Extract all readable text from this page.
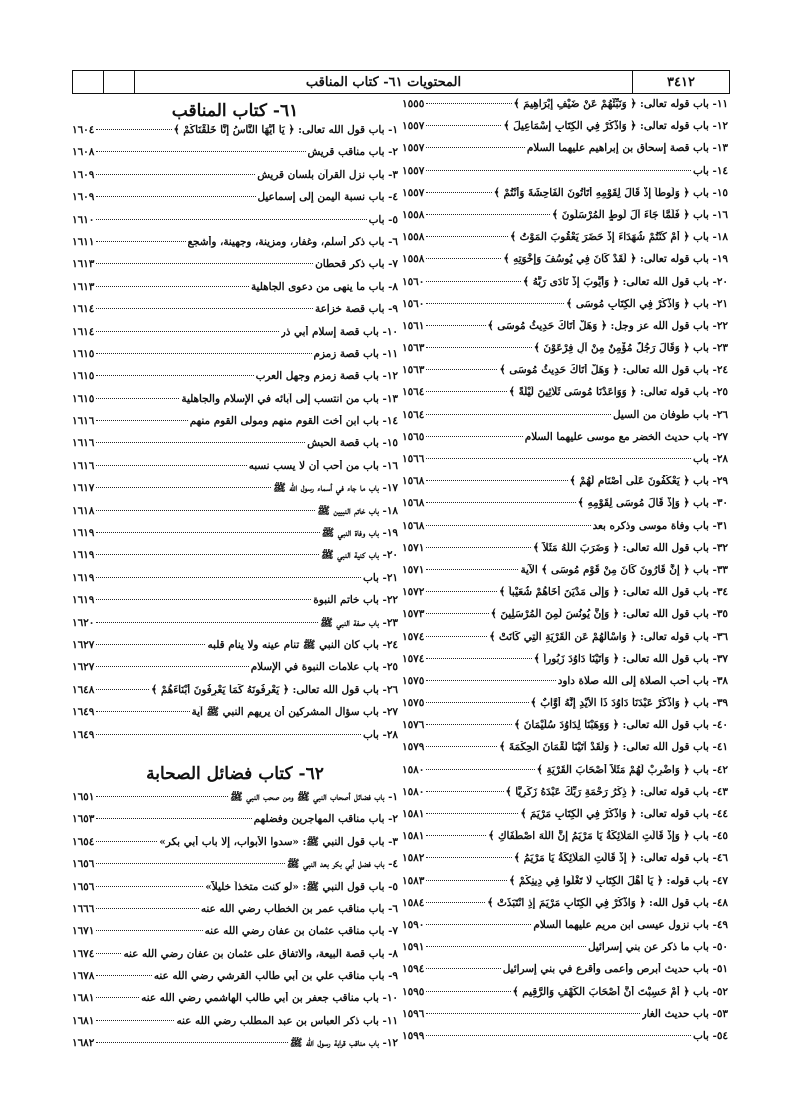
٣٤١٢
المحتويات ٦١- كتاب المناقب
١١- باب قوله تعالى: ﴿ وَنَبِّئْهُمْ عَنْ ضَيْفِ إِبْرَاهِيمَ ﴾
١٥٥٥
١٢- باب قوله تعالى: ﴿ وَاذْكُرْ فِي الْكِتَابِ إِسْمَاعِيلَ ﴾
١٥٥٧
١٣- باب قصة إسحاق بن إبراهيم عليهما السلام
١٥٥٧
١٤- باب
١٥٥٧
١٥- باب ﴿ وَلُوطاً إِذْ قَالَ لِقَوْمِهِ أَتَأْتُونَ الْفَاحِشَةَ وَأَنْتُمْ ﴾
١٥٥٧
١٦- باب ﴿ فَلَمَّا جَاءَ آلَ لُوطٍ الْمُرْسَلُونَ ﴾
١٥٥٨
١٨- باب ﴿ أَمْ كُنْتُمْ شُهَدَاءَ إِذْ حَضَرَ يَعْقُوبَ الْمَوْتُ ﴾
١٥٥٨
١٩- باب قوله تعالى: ﴿ لَقَدْ كَانَ فِي يُوسُفَ وَإِخْوَتِهِ ﴾
١٥٥٨
٢٠- باب قول الله تعالى: ﴿ وَأَيُّوبَ إِذْ نَادَى رَبَّهُ ﴾
١٥٦٠
٢١- باب ﴿ وَاذْكُرْ فِي الْكِتَابِ مُوسَى ﴾
١٥٦٠
٢٢- باب قول الله عز وجل: ﴿ وَهَلْ أَتَاكَ حَدِيثُ مُوسَى ﴾
١٥٦١
٢٣- باب ﴿ وَقَالَ رَجُلٌ مُؤْمِنٌ مِنْ آلِ فِرْعَوْنَ ﴾
١٥٦٣
٢٤- باب قول الله تعالى: ﴿ وَهَلْ أَتَاكَ حَدِيثُ مُوسَى ﴾
١٥٦٣
٢٥- باب قوله تعالى: ﴿ وَوَاعَدْنَا مُوسَى ثَلَاثِينَ لَيْلَةً ﴾
١٥٦٤
٢٦- باب طوفان من السيل
١٥٦٤
٢٧- باب حديث الخضر مع موسى عليهما السلام
١٥٦٥
٢٨- باب
١٥٦٦
٢٩- باب ﴿ يَعْكُفُونَ عَلَى أَصْنَامٍ لَهُمْ ﴾
١٥٦٨
٣٠- باب ﴿ وَإِذْ قَالَ مُوسَى لِقَوْمِهِ ﴾
١٥٦٨
٣١- باب وفاة موسى وذكره بعد
١٥٦٨
٣٢- باب قول الله تعالى: ﴿ وَضَرَبَ اللَّهُ مَثَلاً ﴾
١٥٧١
٣٣- باب ﴿ إِنَّ قَارُونَ كَانَ مِنْ قَوْمِ مُوسَى ﴾ الآية
١٥٧١
٣٤- باب قول الله تعالى: ﴿ وَإِلَى مَدْيَنَ أَخَاهُمْ شُعَيْباً ﴾
١٥٧٢
٣٥- باب قول الله تعالى: ﴿ وَإِنَّ يُونُسَ لَمِنَ الْمُرْسَلِينَ ﴾
١٥٧٣
٣٦- باب قوله تعالى: ﴿ وَاسْأَلْهُمْ عَنِ الْقَرْيَةِ الَّتِي كَانَتْ ﴾
١٥٧٤
٣٧- باب قول الله تعالى: ﴿ وَآتَيْنَا دَاوُدَ زَبُوراً ﴾
١٥٧٤
٣٨- باب أحب الصلاة إلى الله صلاة داود
١٥٧٥
٣٩- باب ﴿ وَاذْكُرْ عَبْدَنَا دَاوُدَ ذَا الْأَيْدِ إِنَّهُ أَوَّابٌ ﴾
١٥٧٥
٤٠- باب قول الله تعالى: ﴿ وَوَهَبْنَا لِدَاوُدَ سُلَيْمَانَ ﴾
١٥٧٦
٤١- باب قول الله تعالى: ﴿ وَلَقَدْ آتَيْنَا لُقْمَانَ الْحِكْمَةَ ﴾
١٥٧٩
٤٢- باب ﴿ وَاضْرِبْ لَهُمْ مَثَلاً أَصْحَابَ الْقَرْيَةِ ﴾
١٥٨٠
٤٣- باب قوله تعالى: ﴿ ذِكْرُ رَحْمَةِ رَبِّكَ عَبْدَهُ زَكَرِيَّا ﴾
١٥٨٠
٤٤- باب قوله تعالى: ﴿ وَاذْكُرْ فِي الْكِتَابِ مَرْيَمَ ﴾
١٥٨١
٤٥- باب ﴿ وَإِذْ قَالَتِ الْمَلَائِكَةُ يَا مَرْيَمُ إِنَّ اللَّهَ اصْطَفَاكِ ﴾
١٥٨١
٤٦- باب قوله تعالى: ﴿ إِذْ قَالَتِ الْمَلَائِكَةُ يَا مَرْيَمُ ﴾
١٥٨٢
٤٧- باب قوله: ﴿ يَا أَهْلَ الْكِتَابِ لَا تَغْلُوا فِي دِينِكُمْ ﴾
١٥٨٣
٤٨- باب قول الله: ﴿ وَاذْكُرْ فِي الْكِتَابِ مَرْيَمَ إِذِ انْتَبَذَتْ ﴾
١٥٨٤
٤٩- باب نزول عيسى ابن مريم عليهما السلام
١٥٩٠
٥٠- باب ما ذكر عن بني إسرائيل
١٥٩١
٥١- باب حديث أبرص وأعمى وأقرع في بني إسرائيل
١٥٩٤
٥٢- باب ﴿ أَمْ حَسِبْتَ أَنَّ أَصْحَابَ الْكَهْفِ وَالرَّقِيمِ ﴾
١٥٩٥
٥٣- باب حديث الغار
١٥٩٦
٥٤- باب
١٥٩٩
٦١- كتاب المناقب
١- باب قول الله تعالى: ﴿ يَا أَيُّهَا النَّاسُ إِنَّا خَلَقْنَاكُمْ ﴾
١٦٠٤
٢- باب مناقب قريش
١٦٠٨
٣- باب نزل القرآن بلسان قريش
١٦٠٩
٤- باب نسبة اليمن إلى إسماعيل
١٦٠٩
٥- باب
١٦١٠
٦- باب ذكر أسلم، وغفار، ومزينة، وجهينة، وأشجع
١٦١١
٧- باب ذكر قحطان
١٦١٣
٨- باب ما ينهى من دعوى الجاهلية
١٦١٣
٩- باب قصة خزاعة
١٦١٤
١٠- باب قصة إسلام أبي ذر
١٦١٤
١١- باب قصة زمزم
١٦١٥
١٢- باب قصة زمزم وجهل العرب
١٦١٥
١٣- باب من انتسب إلى آبائه في الإسلام والجاهلية
١٦١٥
١٤- باب ابن أخت القوم منهم ومولى القوم منهم
١٦١٦
١٥- باب قصة الحبش
١٦١٦
١٦- باب من أحب أن لا يسب نسبه
١٦١٦
١٧- باب ما جاء في أسماء رسول الله ﷺ
١٦١٧
١٨- باب خاتم النبيين ﷺ
١٦١٨
١٩- باب وفاة النبي ﷺ
١٦١٩
٢٠- باب كنية النبي ﷺ
١٦١٩
٢١- باب
١٦١٩
٢٢- باب خاتم النبوة
١٦١٩
٢٣- باب صفة النبي ﷺ
١٦٢٠
٢٤- باب كان النبي ﷺ تنام عينه ولا ينام قلبه
١٦٢٧
٢٥- باب علامات النبوة في الإسلام
١٦٢٧
٢٦- باب قول الله تعالى: ﴿ يَعْرِفُونَهُ كَمَا يَعْرِفُونَ أَبْنَاءَهُمْ ﴾
١٦٤٨
٢٧- باب سؤال المشركين أن يريهم النبي ﷺ آية
١٦٤٩
٢٨- باب
١٦٤٩
٦٢- كتاب فضائل الصحابة
١- باب فضائل أصحاب النبي ﷺ ومن صحب النبي ﷺ
١٦٥١
٢- باب مناقب المهاجرين وفضلهم
١٦٥٣
٣- باب قول النبي ﷺ: «سدوا الأبواب، إلا باب أبي بكر»
١٦٥٤
٤- باب فضل أبي بكر بعد النبي ﷺ
١٦٥٦
٥- باب قول النبي ﷺ: «لو كنت متخذاً خليلاً»
١٦٥٦
٦- باب مناقب عمر بن الخطاب رضي الله عنه
١٦٦٦
٧- باب مناقب عثمان بن عفان رضي الله عنه
١٦٧١
٨- باب قصة البيعة، والاتفاق على عثمان بن عفان رضي الله عنه
١٦٧٤
٩- باب مناقب علي بن أبي طالب القرشي رضي الله عنه
١٦٧٨
١٠- باب مناقب جعفر بن أبي طالب الهاشمي رضي الله عنه
١٦٨١
١١- باب ذكر العباس بن عبد المطلب رضي الله عنه
١٦٨١
١٢- باب مناقب قرابة رسول الله ﷺ
١٦٨٢
